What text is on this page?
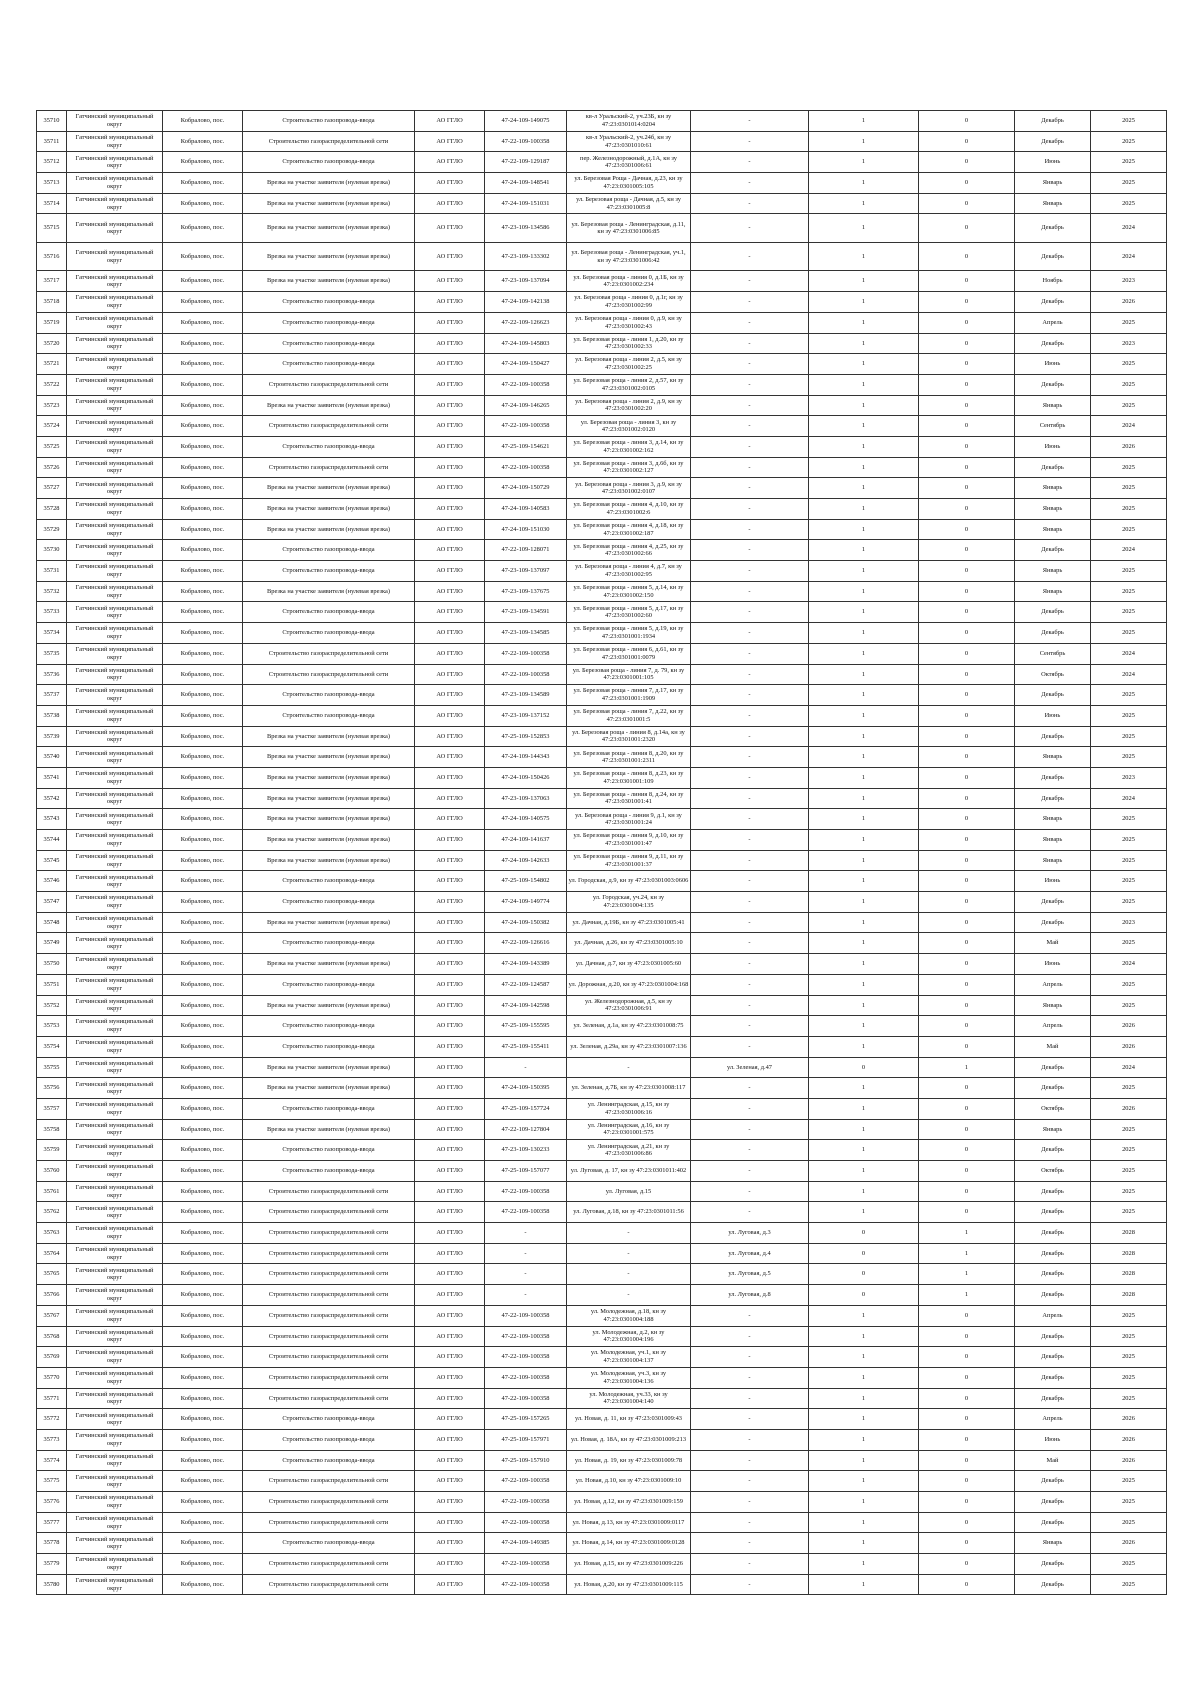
35710	Гатчинский муниципальный округ	Кобралово, пос.	Строительство газопровода-ввода	АО ГГЛО	47-24-109-149075	кв-л Уральский-2, уч.23Б, кн зу 47:23:0301014:0204	-	1	0	Декабрь	2025
35711	Гатчинский муниципальный округ	Кобралово, пос.	Строительство газораспределительной сети	АО ГГЛО	47-22-109-100358	кв-л Уральский-2, уч.24б, кн зу 47:23:0301010:61	-	1	0	Декабрь	2025
35712	Гатчинский муниципальный округ	Кобралово, пос.	Строительство газопровода-ввода	АО ГГЛО	47-22-109-129187	пер. Железнодорожный, д.1А, кн зу 47:23:0301006:61	-	1	0	Июнь	2025
35713	Гатчинский муниципальный округ	Кобралово, пос.	Врезка на участке заявителя (нулевая врезка)	АО ГГЛО	47-24-109-148541	ул. Березовая Роща - Дачная, д.23, кн зу 47:23:0301005:105	-	1	0	Январь	2025
35714	Гатчинский муниципальный округ	Кобралово, пос.	Врезка на участке заявителя (нулевая врезка)	АО ГГЛО	47-24-109-151031	ул. Березовая роща - Дачная, д.5, кн зу 47:23:0301005:8	-	1	0	Январь	2025
35715	Гатчинский муниципальный округ	Кобралово, пос.	Врезка на участке заявителя (нулевая врезка)	АО ГГЛО	47-23-109-134586	ул. Березовая роща - Ленинградская, д.11, кн зу 47:23:0301006:85	-	1	0	Декабрь	2024
35716	Гатчинский муниципальный округ	Кобралово, пос.	Врезка на участке заявителя (нулевая врезка)	АО ГГЛО	47-23-109-133302	ул. Березовая роща - Ленинградская, уч.1, кн зу 47:23:0301006:42	-	1	0	Декабрь	2024
35717	Гатчинский муниципальный округ	Кобралово, пос.	Врезка на участке заявителя (нулевая врезка)	АО ГГЛО	47-23-109-137094	ул. Березовая роща - линия 0, д.1Б, кн зу 47:23:0301002:234	-	1	0	Ноябрь	2023
35718	Гатчинский муниципальный округ	Кобралово, пос.	Строительство газопровода-ввода	АО ГГЛО	47-24-109-142138	ул. Березовая роща - линия 0, д.1г, кн зу 47:23:0301002:99	-	1	0	Декабрь	2026
35719	Гатчинский муниципальный округ	Кобралово, пос.	Строительство газопровода-ввода	АО ГГЛО	47-22-109-126623	ул. Березовая роща - линия 0, д.9, кн зу 47:23:0301002:43	-	1	0	Апрель	2025
35720	Гатчинский муниципальный округ	Кобралово, пос.	Строительство газопровода-ввода	АО ГГЛО	47-24-109-145803	ул. Березовая роща - линия 1, д.20, кн зу 47:23:0301002:33	-	1	0	Декабрь	2023
35721	Гатчинский муниципальный округ	Кобралово, пос.	Строительство газопровода-ввода	АО ГГЛО	47-24-109-150427	ул. Березовая роща - линия 2, д.5, кн зу 47:23:0301002:25	-	1	0	Июнь	2025
35722	Гатчинский муниципальный округ	Кобралово, пос.	Строительство газораспределительной сети	АО ГГЛО	47-22-109-100358	ул. Березовая роща - линия 2, д.57, кн зу 47:23:0301002:0105	-	1	0	Декабрь	2025
35723	Гатчинский муниципальный округ	Кобралово, пос.	Врезка на участке заявителя (нулевая врезка)	АО ГГЛО	47-24-109-146265	ул. Березовая роща - линия 2, д.9, кн зу 47:23:0301002:20	-	1	0	Январь	2025
35724	Гатчинский муниципальный округ	Кобралово, пос.	Строительство газораспределительной сети	АО ГГЛО	47-22-109-100358	ул. Березовая роща - линия 3, кн зу 47:23:0301002:0120	-	1	0	Сентябрь	2024
35725	Гатчинский муниципальный округ	Кобралово, пос.	Строительство газопровода-ввода	АО ГГЛО	47-25-109-154621	ул. Березовая роща - линия 3, д.14, кн зу 47:23:0301002:162	-	1	0	Июнь	2026
35726	Гатчинский муниципальный округ	Кобралово, пос.	Строительство газораспределительной сети	АО ГГЛО	47-22-109-100358	ул. Березовая роща - линия 3, д.6б, кн зу 47:23:0301002:127	-	1	0	Декабрь	2025
35727	Гатчинский муниципальный округ	Кобралово, пос.	Врезка на участке заявителя (нулевая врезка)	АО ГГЛО	47-24-109-150729	ул. Березовая роща - линия 3, д.9, кн зу 47:23:0301002:0107	-	1	0	Январь	2025
35728	Гатчинский муниципальный округ	Кобралово, пос.	Врезка на участке заявителя (нулевая врезка)	АО ГГЛО	47-24-109-140583	ул. Березовая роща - линия 4, д.10, кн зу 47:23:0301002:6	-	1	0	Январь	2025
35729	Гатчинский муниципальный округ	Кобралово, пос.	Врезка на участке заявителя (нулевая врезка)	АО ГГЛО	47-24-109-151030	ул. Березовая роща - линия 4, д.18, кн зу 47:23:0301002:187	-	1	0	Январь	2025
35730	Гатчинский муниципальный округ	Кобралово, пос.	Строительство газопровода-ввода	АО ГГЛО	47-22-109-128071	ул. Березовая роща - линия 4, д.25, кн зу 47:23:0301002:66	-	1	0	Декабрь	2024
35731	Гатчинский муниципальный округ	Кобралово, пос.	Строительство газопровода-ввода	АО ГГЛО	47-23-109-137097	ул. Березовая роща - линия 4, д.7, кн зу 47:23:0301002:95	-	1	0	Январь	2025
35732	Гатчинский муниципальный округ	Кобралово, пос.	Врезка на участке заявителя (нулевая врезка)	АО ГГЛО	47-23-109-137675	ул. Березовая роща - линия 5, д.14, кн зу 47:23:0301002:150	-	1	0	Январь	2025
35733	Гатчинский муниципальный округ	Кобралово, пос.	Строительство газопровода-ввода	АО ГГЛО	47-23-109-134591	ул. Березовая роща - линия 5, д.17, кн зу 47:23:0301002:60	-	1	0	Декабрь	2025
35734	Гатчинский муниципальный округ	Кобралово, пос.	Строительство газопровода-ввода	АО ГГЛО	47-23-109-134585	ул. Березовая роща - линия 5, д.19, кн зу 47:23:0301001:1934	-	1	0	Декабрь	2025
35735	Гатчинский муниципальный округ	Кобралово, пос.	Строительство газораспределительной сети	АО ГГЛО	47-22-109-100358	ул. Березовая роща - линия 6, д.61, кн зу 47:23:0301001:0079	-	1	0	Сентябрь	2024
35736	Гатчинский муниципальный округ	Кобралово, пос.	Строительство газораспределительной сети	АО ГГЛО	47-22-109-100358	ул. Березовая роща - линия 7, д. 79, кн зу 47:23:0301001:105	-	1	0	Октябрь	2024
35737	Гатчинский муниципальный округ	Кобралово, пос.	Строительство газопровода-ввода	АО ГГЛО	47-23-109-134589	ул. Березовая роща - линия 7, д.17, кн зу 47:23:0301001:1909	-	1	0	Декабрь	2025
35738	Гатчинский муниципальный округ	Кобралово, пос.	Строительство газопровода-ввода	АО ГГЛО	47-23-109-137152	ул. Березовая роща - линия 7, д.22, кн зу 47:23:0301001:5	-	1	0	Июнь	2025
35739	Гатчинский муниципальный округ	Кобралово, пос.	Врезка на участке заявителя (нулевая врезка)	АО ГГЛО	47-25-109-152853	ул. Березовая роща - линия 8, д.14а, кн зу 47:23:0301001:2320	-	1	0	Декабрь	2025
35740	Гатчинский муниципальный округ	Кобралово, пос.	Врезка на участке заявителя (нулевая врезка)	АО ГГЛО	47-24-109-144343	ул. Березовая роща - линия 8, д.20, кн зу 47:23:0301001:2311	-	1	0	Январь	2025
35741	Гатчинский муниципальный округ	Кобралово, пос.	Врезка на участке заявителя (нулевая врезка)	АО ГГЛО	47-24-109-150426	ул. Березовая роща - линия 8, д.23, кн зу 47:23:0301001:109	-	1	0	Декабрь	2023
35742	Гатчинский муниципальный округ	Кобралово, пос.	Врезка на участке заявителя (нулевая врезка)	АО ГГЛО	47-23-109-137063	ул. Березовая роща - линия 8, д.24, кн зу 47:23:0301001:41	-	1	0	Декабрь	2024
35743	Гатчинский муниципальный округ	Кобралово, пос.	Врезка на участке заявителя (нулевая врезка)	АО ГГЛО	47-24-109-140575	ул. Березовая роща - линия 9, д.1, кн зу 47:23:0301001:24	-	1	0	Январь	2025
35744	Гатчинский муниципальный округ	Кобралово, пос.	Врезка на участке заявителя (нулевая врезка)	АО ГГЛО	47-24-109-141637	ул. Березовая роща - линия 9, д.10, кн зу 47:23:0301001:47	-	1	0	Январь	2025
35745	Гатчинский муниципальный округ	Кобралово, пос.	Врезка на участке заявителя (нулевая врезка)	АО ГГЛО	47-24-109-142633	ул. Березовая роща - линия 9, д.11, кн зу 47:23:0301001:37	-	1	0	Январь	2025
35746	Гатчинский муниципальный округ	Кобралово, пос.	Строительство газопровода-ввода	АО ГГЛО	47-25-109-154802	ул. Городская, д.9, кн зу 47:23:0301003:0606	-	1	0	Июнь	2025
35747	Гатчинский муниципальный округ	Кобралово, пос.	Строительство газопровода-ввода	АО ГГЛО	47-24-109-149774	ул. Городская, уч.24, кн зу 47:23:0301004:135	-	1	0	Декабрь	2025
35748	Гатчинский муниципальный округ	Кобралово, пос.	Врезка на участке заявителя (нулевая врезка)	АО ГГЛО	47-24-109-150382	ул. Дачная, д.19Б, кн зу 47:23:0301005:41	-	1	0	Декабрь	2023
35749	Гатчинский муниципальный округ	Кобралово, пос.	Строительство газопровода-ввода	АО ГГЛО	47-22-109-126616	ул. Дачная, д.26, кн зу 47:23:0301005:10	-	1	0	Май	2025
35750	Гатчинский муниципальный округ	Кобралово, пос.	Врезка на участке заявителя (нулевая врезка)	АО ГГЛО	47-24-109-143389	ул. Дачная, д.7, кн зу 47:23:0301005:60	-	1	0	Июнь	2024
35751	Гатчинский муниципальный округ	Кобралово, пос.	Строительство газопровода-ввода	АО ГГЛО	47-22-109-124587	ул. Дорожная, д.20, кн зу 47:23:0301004:168	-	1	0	Апрель	2025
35752	Гатчинский муниципальный округ	Кобралово, пос.	Врезка на участке заявителя (нулевая врезка)	АО ГГЛО	47-24-109-142598	ул. Железнодорожная, д.5, кн зу 47:23:0301006:91	-	1	0	Январь	2025
35753	Гатчинский муниципальный округ	Кобралово, пос.	Строительство газопровода-ввода	АО ГГЛО	47-25-109-155595	ул. Зеленая, д.1а, кн зу 47:23:0301008:75	-	1	0	Апрель	2026
35754	Гатчинский муниципальный округ	Кобралово, пос.	Строительство газопровода-ввода	АО ГГЛО	47-25-109-155411	ул. Зеленая, д.29а, кн зу 47:23:0301007:136	-	1	0	Май	2026
35755	Гатчинский муниципальный округ	Кобралово, пос.	Врезка на участке заявителя (нулевая врезка)	АО ГГЛО	-	-	ул. Зеленая, д.47	0	1	Декабрь	2024
35756	Гатчинский муниципальный округ	Кобралово, пос.	Врезка на участке заявителя (нулевая врезка)	АО ГГЛО	47-24-109-150395	ул. Зеленая, д.7Б, кн зу 47:23:0301008:117	-	1	0	Декабрь	2025
35757	Гатчинский муниципальный округ	Кобралово, пос.	Строительство газопровода-ввода	АО ГГЛО	47-25-109-157724	ул. Ленинградская, д.15, кн зу 47:23:0301006:16	-	1	0	Октябрь	2026
35758	Гатчинский муниципальный округ	Кобралово, пос.	Врезка на участке заявителя (нулевая врезка)	АО ГГЛО	47-22-109-127804	ул. Ленинградская, д.16, кн зу 47:23:0301001:575	-	1	0	Январь	2025
35759	Гатчинский муниципальный округ	Кобралово, пос.	Строительство газопровода-ввода	АО ГГЛО	47-23-109-130233	ул. Ленинградская, д.21, кн зу 47:23:0301006:86	-	1	0	Декабрь	2025
35760	Гатчинский муниципальный округ	Кобралово, пос.	Строительство газопровода-ввода	АО ГГЛО	47-25-109-157077	ул. Луговая, д. 17, кн зу 47:23:0301011:402	-	1	0	Октябрь	2025
35761	Гатчинский муниципальный округ	Кобралово, пос.	Строительство газораспределительной сети	АО ГГЛО	47-22-109-100358	ул. Луговая, д.15	-	1	0	Декабрь	2025
35762	Гатчинский муниципальный округ	Кобралово, пос.	Строительство газораспределительной сети	АО ГГЛО	47-22-109-100358	ул. Луговая, д.18, кн зу 47:23:0301011:56	-	1	0	Декабрь	2025
35763	Гатчинский муниципальный округ	Кобралово, пос.	Строительство газораспределительной сети	АО ГГЛО	-	-	ул. Луговая, д.3	0	1	Декабрь	2028
35764	Гатчинский муниципальный округ	Кобралово, пос.	Строительство газораспределительной сети	АО ГГЛО	-	-	ул. Луговая, д.4	0	1	Декабрь	2028
35765	Гатчинский муниципальный округ	Кобралово, пос.	Строительство газораспределительной сети	АО ГГЛО	-	-	ул. Луговая, д.5	0	1	Декабрь	2028
35766	Гатчинский муниципальный округ	Кобралово, пос.	Строительство газораспределительной сети	АО ГГЛО	-	-	ул. Луговая, д.8	0	1	Декабрь	2028
35767	Гатчинский муниципальный округ	Кобралово, пос.	Строительство газораспределительной сети	АО ГГЛО	47-22-109-100358	ул. Молодежная, д.18, кн зу 47:23:0301004:188	-	1	0	Апрель	2025
35768	Гатчинский муниципальный округ	Кобралово, пос.	Строительство газораспределительной сети	АО ГГЛО	47-22-109-100358	ул. Молодежная, д.2, кн зу 47:23:0301004:196	-	1	0	Декабрь	2025
35769	Гатчинский муниципальный округ	Кобралово, пос.	Строительство газораспределительной сети	АО ГГЛО	47-22-109-100358	ул. Молодежная, уч.1, кн зу 47:23:0301004:137	-	1	0	Декабрь	2025
35770	Гатчинский муниципальный округ	Кобралово, пос.	Строительство газораспределительной сети	АО ГГЛО	47-22-109-100358	ул. Молодежная, уч.3, кн зу 47:23:0301004:136	-	1	0	Декабрь	2025
35771	Гатчинский муниципальный округ	Кобралово, пос.	Строительство газораспределительной сети	АО ГГЛО	47-22-109-100358	ул. Молодежная, уч.33, кн зу 47:23:0301004:140	-	1	0	Декабрь	2025
35772	Гатчинский муниципальный округ	Кобралово, пос.	Строительство газопровода-ввода	АО ГГЛО	47-25-109-157265	ул. Новая, д. 11, кн зу 47:23:0301009:43	-	1	0	Апрель	2026
35773	Гатчинский муниципальный округ	Кобралово, пос.	Строительство газопровода-ввода	АО ГГЛО	47-25-109-157971	ул. Новая, д. 18А, кн зу 47:23:0301009:213	-	1	0	Июнь	2026
35774	Гатчинский муниципальный округ	Кобралово, пос.	Строительство газопровода-ввода	АО ГГЛО	47-25-109-157910	ул. Новая, д. 19, кн зу 47:23:0301009:78	-	1	0	Май	2026
35775	Гатчинский муниципальный округ	Кобралово, пос.	Строительство газораспределительной сети	АО ГГЛО	47-22-109-100358	ул. Новая, д.10, кн зу 47:23:0301009:10	-	1	0	Декабрь	2025
35776	Гатчинский муниципальный округ	Кобралово, пос.	Строительство газораспределительной сети	АО ГГЛО	47-22-109-100358	ул. Новая, д.12, кн зу 47:23:0301009:159	-	1	0	Декабрь	2025
35777	Гатчинский муниципальный округ	Кобралово, пос.	Строительство газораспределительной сети	АО ГГЛО	47-22-109-100358	ул. Новая, д.13, кн зу 47:23:0301009:0117	-	1	0	Декабрь	2025
35778	Гатчинский муниципальный округ	Кобралово, пос.	Строительство газопровода-ввода	АО ГГЛО	47-24-109-149385	ул. Новая, д.14, кн зу 47:23:0301009:0128	-	1	0	Январь	2026
35779	Гатчинский муниципальный округ	Кобралово, пос.	Строительство газораспределительной сети	АО ГГЛО	47-22-109-100358	ул. Новая, д.15, кн зу 47:23:0301009:226	-	1	0	Декабрь	2025
35780	Гатчинский муниципальный округ	Кобралово, пос.	Строительство газораспределительной сети	АО ГГЛО	47-22-109-100358	ул. Новая, д.20, кн зу 47:23:0301009:115	-	1	0	Декабрь	2025
